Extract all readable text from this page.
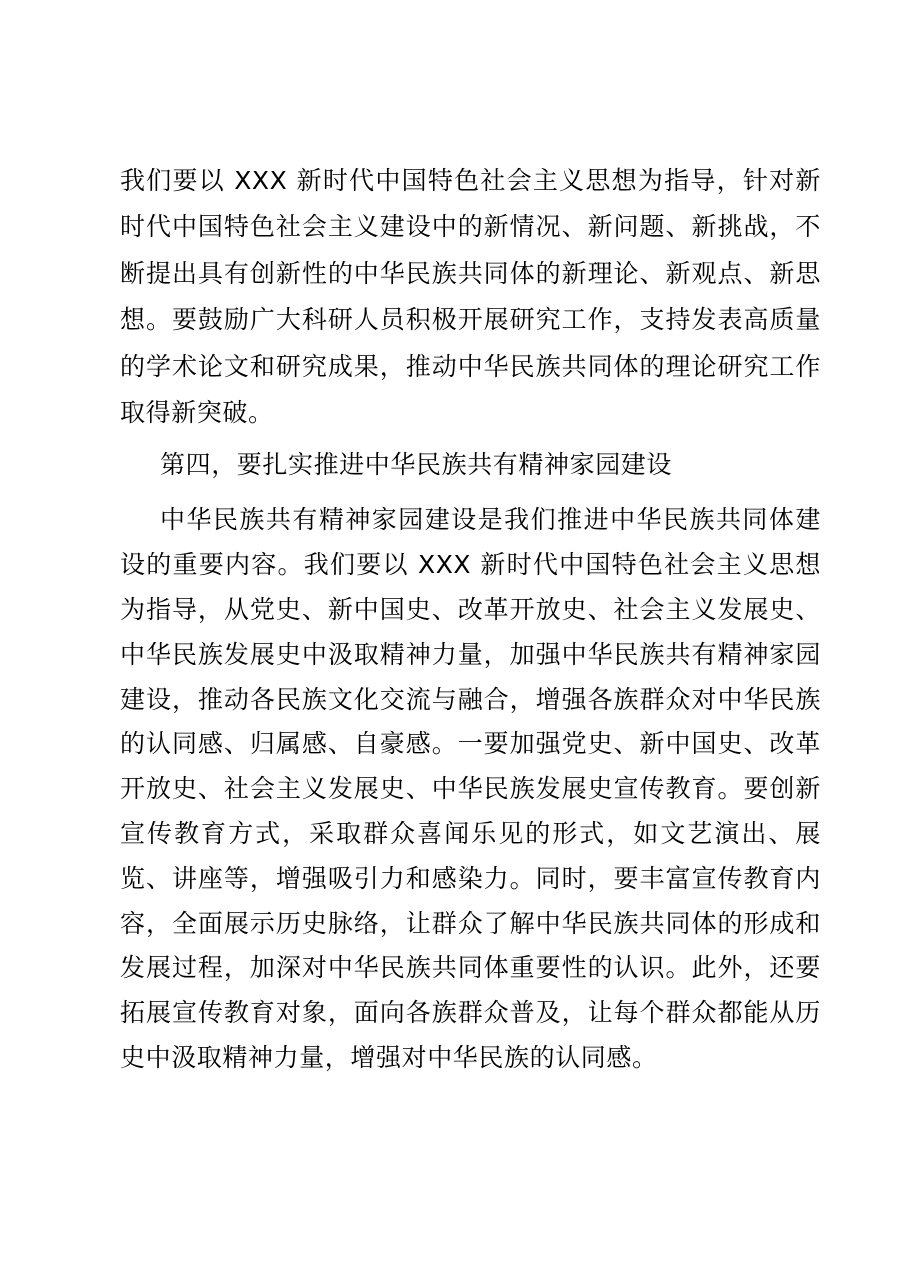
我们要以 XXX 新时代中国特色社会主义思想为指导，针对新时代中国特色社会主义建设中的新情况、新问题、新挑战，不断提出具有创新性的中华民族共同体的新理论、新观点、新思想。要鼓励广大科研人员积极开展研究工作，支持发表高质量的学术论文和研究成果，推动中华民族共同体的理论研究工作取得新突破。

第四，要扎实推进中华民族共有精神家园建设

中华民族共有精神家园建设是我们推进中华民族共同体建设的重要内容。我们要以 XXX 新时代中国特色社会主义思想为指导，从党史、新中国史、改革开放史、社会主义发展史、中华民族发展史中汲取精神力量，加强中华民族共有精神家园建设，推动各民族文化交流与融合，增强各族群众对中华民族的认同感、归属感、自豪感。一要加强党史、新中国史、改革开放史、社会主义发展史、中华民族发展史宣传教育。要创新宣传教育方式，采取群众喜闻乐见的形式，如文艺演出、展览、讲座等，增强吸引力和感染力。同时，要丰富宣传教育内容，全面展示历史脉络，让群众了解中华民族共同体的形成和发展过程，加深对中华民族共同体重要性的认识。此外，还要拓展宣传教育对象，面向各族群众普及，让每个群众都能从历史中汲取精神力量，增强对中华民族的认同感。
